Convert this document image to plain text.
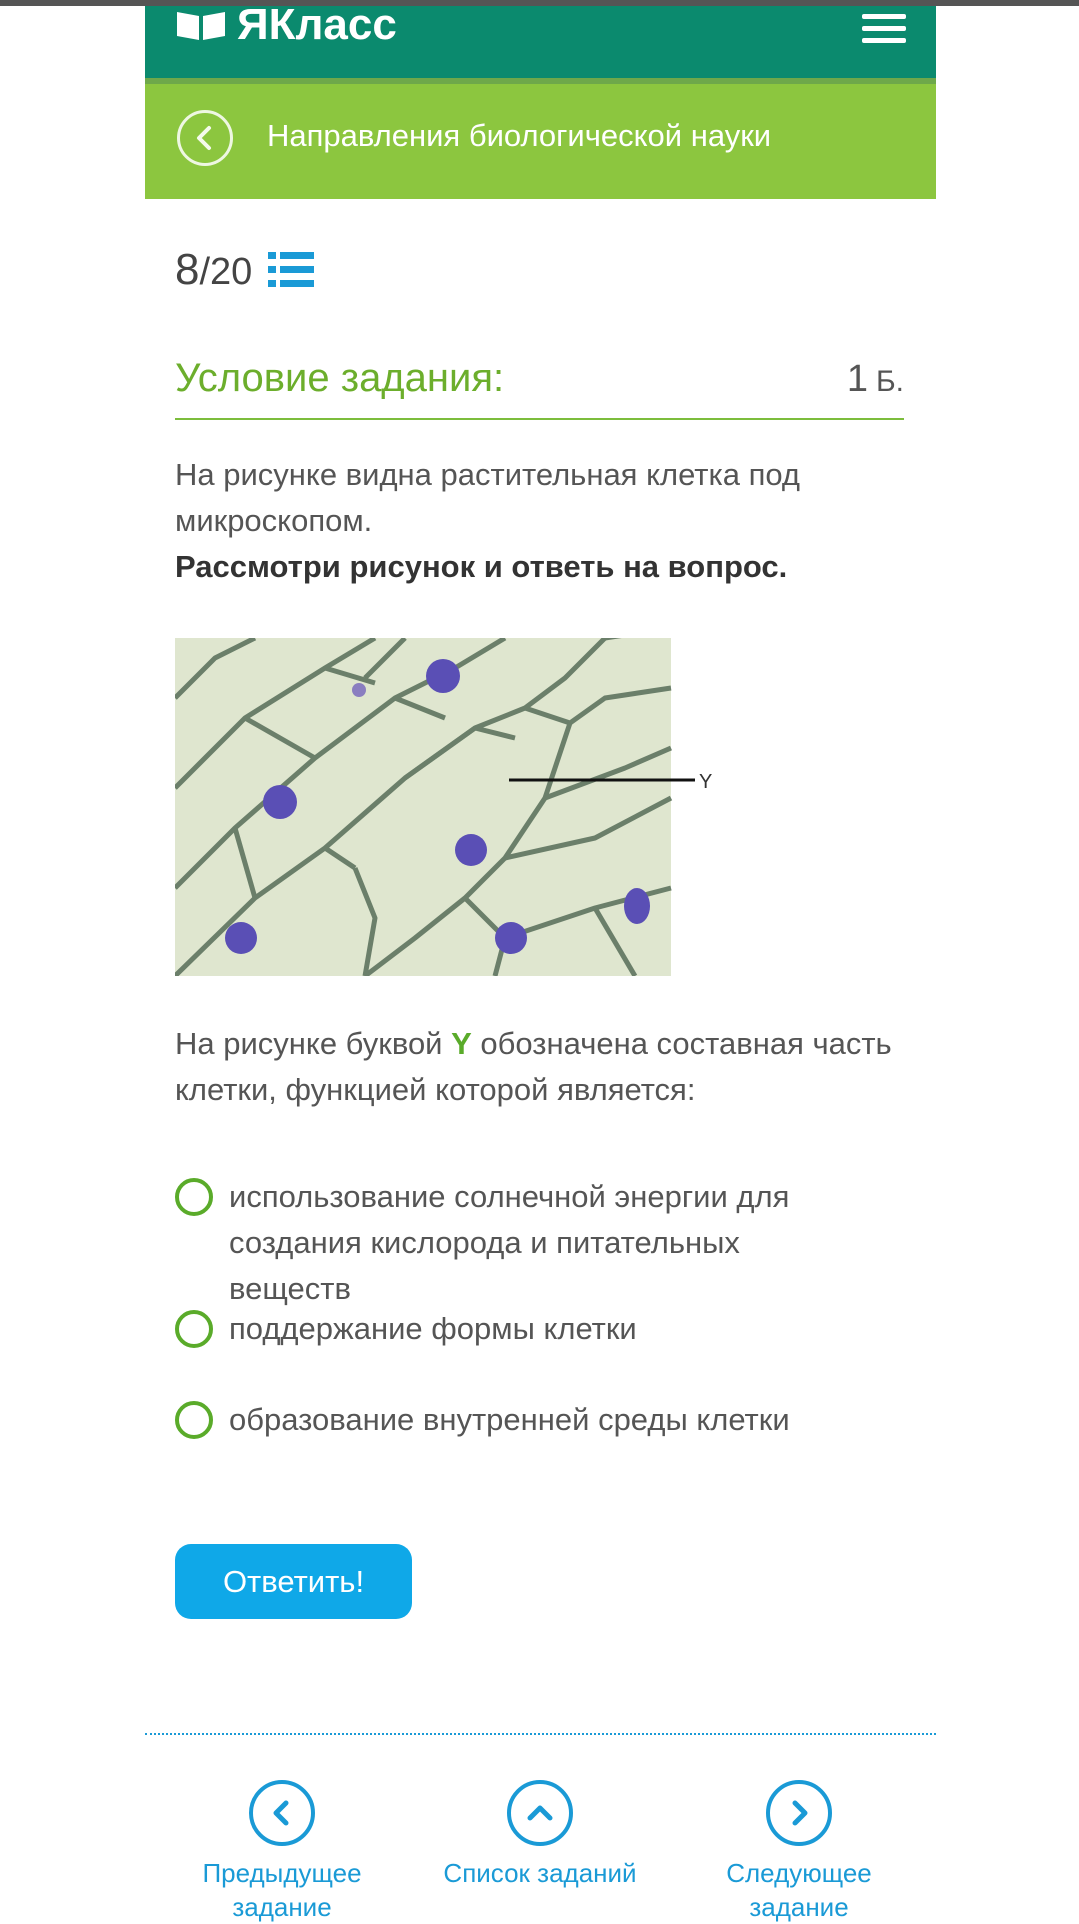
ЯКласс
Направления биологической науки
8/20
Условие задания:	1 Б.
На рисунке видна растительная клетка под микроскопом.
Рассмотри рисунок и ответь на вопрос.
Y
На рисунке буквой Y обозначена составная часть клетки, функцией которой является:
использование солнечной энергии для создания кислорода и питательных веществ
поддержание формы клетки
образование внутренней среды клетки
Ответить!
Предыдущее задание
Список заданий	Следующее задание
